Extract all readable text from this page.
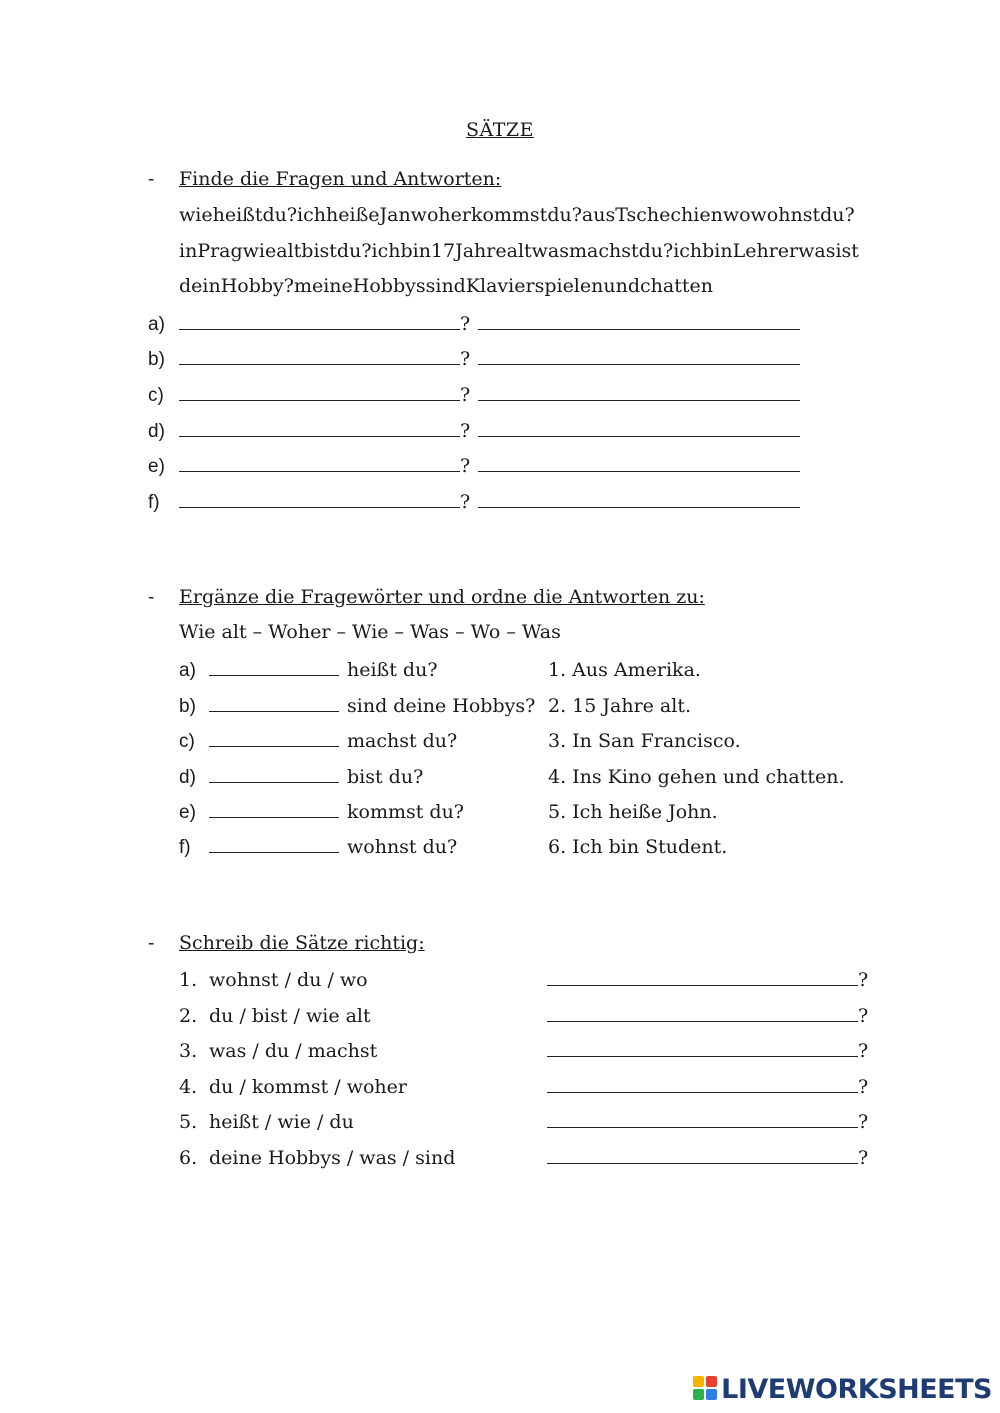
SÄTZE
- Finde die Fragen und Antworten:
wieheißtdu?ichheißeJanwoherkommstdu?ausTschechienwowohnstdu?
inPragwiealtbistdu?ichbin17Jahrealtwasmachstdu?ichbinLehrerwasist
deinHobby?meineHobbyssindKlavierspielenundchatten
a)	?
b)	?
c)	?
d)	?
e)	?
f)	?
- Ergänze die Fragewörter und ordne die Antworten zu:
Wie alt – Woher – Wie – Was – Wo – Was
a)	heißt du?	1. Aus Amerika.
b)	sind deine Hobbys? 2. 15 Jahre alt.
c)	machst du?	3. In San Francisco.
d)	bist du?	4. Ins Kino gehen und chatten.
e)	kommst du?	5. Ich heiße John.
f)	wohnst du?	6. Ich bin Student.
- Schreib die Sätze richtig:
1. wohnst / du / wo	?
2. du / bist / wie alt	?
3. was / du / machst	?
4. du / kommst / woher	?
5. heißt / wie / du	?
6. deine Hobbys / was / sind	?
LIVEWORKSHEETS
